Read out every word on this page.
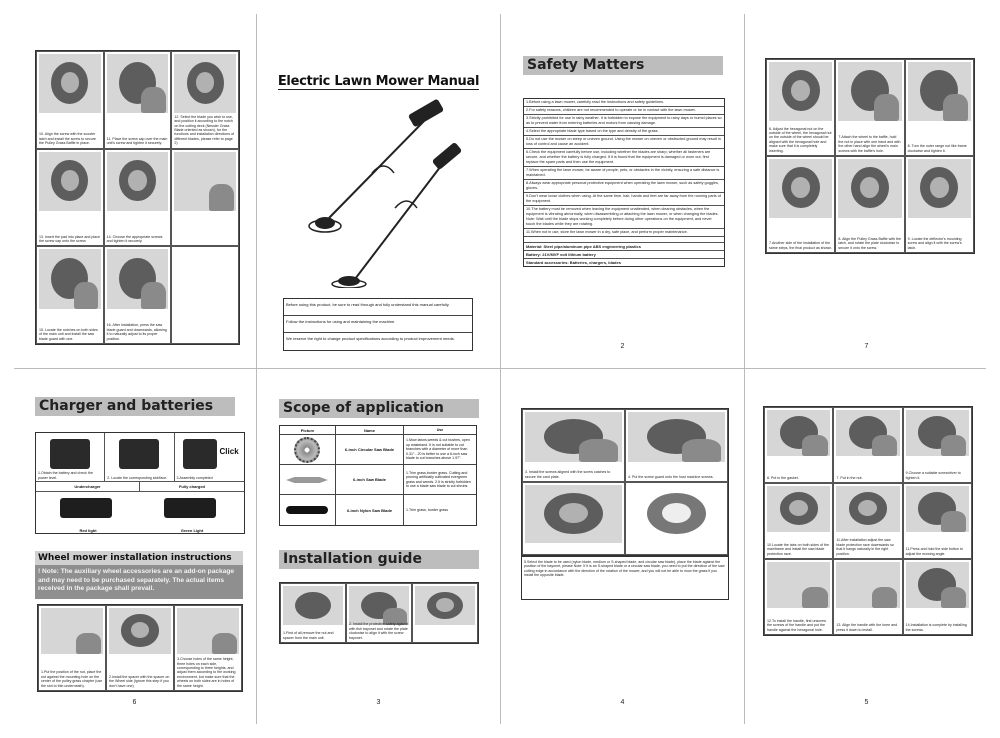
10. Align the screw with the scooter latch and install the screw to secure the Pulley Grass Baffle in place.
11. Place the screw cap over the main unit's screw and tighten it securely.
12. Select the blade you wish to use, and position it according to the notch on the cutting deck (Nessler Grass Blade oriented as shown), for the functions and installation directions of different blades, please refer to page 2)
13. Insert the pad into place and place the screw cap onto the screw.
14. Choose the appropriate screws and tighten it securely.
15. Locate the notches on both sides of the main unit and install the saw blade guard with one.
16. After installation, press the saw blade guard and downwards, allowing it to naturally adjust to its proper position.
Electric Lawn Mower Manual
Before using this product, be sure to read through and fully understand this manual carefully.
Follow the instructions for using and maintaining the machine.
We reserve the right to change product specifications according to product improvement needs.
Safety Matters
1.Before using a lawn mower, carefully read the instructions and safety guidelines.
2.For safety reasons, children are not recommended to operate or be in contact with the lawn mower.
3.Strictly prohibited for use in rainy weather. It is forbidden to expose the equipment to rainy days or humid places so as to prevent water from entering batteries and motors from causing damage.
4.Select the appropriate blade type based on the type and density of the grass.
5.Do not use the mower on steep or uneven ground. Using the mower on uneven or obstructed ground may result in loss of control and cause an accident.
6.Check the equipment carefully before use, including whether the blades are sharp, whether all fasteners are secure, and whether the battery is fully charged. If it is found that the equipment is damaged or worn out, first replace the spare parts and then use the equipment.
7.When operating the lawn mower, be aware of people, pets, or obstacles in the vicinity, ensuring a safe distance is maintained.
8.Always wear appropriate personal protective equipment when operating the lawn mower, such as safety goggles, gloves.
9.Don't wear loose clothes when using. At the same time, hair, hands and feet are far away from the running parts of the equipment.
10.The battery must be removed when leaving the equipment unattended, when clearing obstacles, when the equipment is vibrating abnormally, when disassembling or attaching the lawn mower, or when changing the blades. Note: Wait until the blade stops working completely before doing other operations on the equipment, and never touch the blades while they are rotating.
11.When not in use, store the lawn mower in a dry, safe place, and perform proper maintenance.
Material: Steel pipe/aluminum pipe ABS engineering plastics
Battery: 21V/MVF volt lithium battery
Standard accessories: Batteries, chargers, blades
2
6. Adjust the hexagonal nut on the outside of the wheel, the hexagonal nut on the outside of the wheel should be aligned with the hexagonal hole and make sure that it is completely inserting.
7.Attach the wheel to the baffle, hold the nut in place with one hand and with the other hand align the wheel's main screws with the baffle's hole.
8. Turn the outer range nut like frame clockwise and tighten it.
7.Another side of the installation of the same steps, the final product as shown.
8. Align the Pulley Grass Baffle with the latch, and rotate the plate clockwise to secure it onto the screw.
9. Locate the deflector's mounting screw and align it with the screw's latch.
7
Charger and batteries
1.Obtain the battery and check the power level.	2. Locate the corresponding slot/face.
Click
3.Assembly completed
Undercharger	Fully charged
Red light	Green Light
Wheel mower installation instructions
! Note: The auxiliary wheel accessories are an add-on package and may need to be purchased separately. The actual items received in the package shall prevail.
1.Put the position of the nut, place the nut against the mounting hole on the center of the pulley grass chapter (use the slot to thin underneath).
2.Install the spacer with the spacer on the Wheel side (ignore this step if you don't have one).
3.Choose holes of the same height, three holes on each side, corresponding to three heights, and adjust them according to the working environment, but make sure that the wheels on both sides are in holes of the same height.
6
Scope of application
Picture	Name	Use
6-inch Circular Saw Blade
1.Mow lawns,weeds & cut bushes, open up wasteland. It is not suitable to cut branches with a diameter of more than 0.31" - 20 is better to use a 6-inch saw blade to cut branches above 1.97".
6-inch Saw Blade
1.Trim grass,border grass. Cutting and pruning artificially cultivated evergreen grass and weeds. 2.It is strictly forbidden to use a blade saw blade to cut shrubs.
6-inch Nylon Saw Blade	1.Trim grass, border grass
Installation guide
1.First of all,remove the nut and spacer from the main unit.
2. Install the protective safety against with fish bayonet and rotate the plate clockwise to align it with the screw bayonet.
3
3. Install the screws aligned with the screw catches to secure the card plate.	4. Put the screw guard onto the host machine screws.
5.Select the blade to be used (nylon blade, medium or S-shaped blade, and circular saw blade), place the blade against the position of the bayonet, please Note: If it is an S-shaped blade or a circular saw blade, you need to put the direction of the saw cutting edge in accordance with the direction of the rotation of the mower, and you will not be able to mow the grass if you install the opposite blade.
4
8. Put in the gasket.	7. Put in the nut.
9.Choose a suitable screwdriver to tighten it.
10.Locate the tabs on both sides of the mainframe and install the saw blade protection race.
11.After installation adjust the saw blade protection race downwards so that it hangs naturally in the right position.
11.Press and hold the side button to adjust the mowing angle.
12.To install the handle, first unscrew the screws of the handle and put the handle against the hexagonal hole.
13. Align the handle with the knee and press it down to install.
14.Installation is complete by installing the screws.
5
